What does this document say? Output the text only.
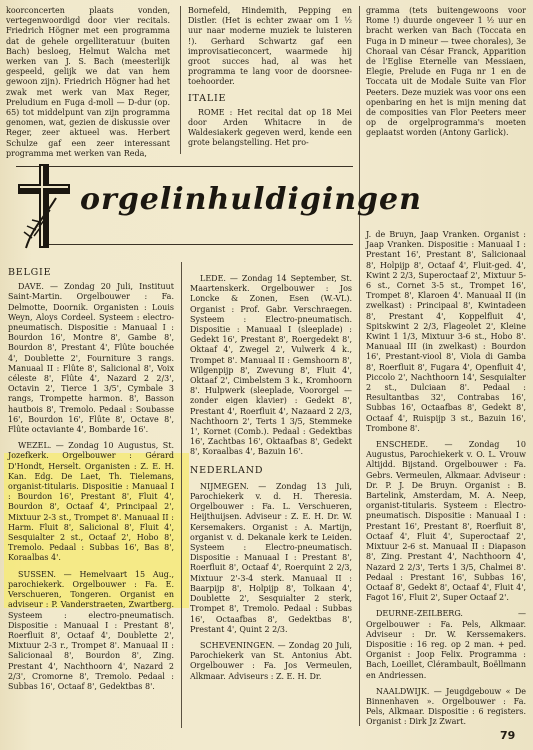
koorconcerten plaats vonden, vertegenwoordigd door vier recitals. Friedrich Högner met een programma dat de gehele orgelliteratuur (buiten Bach) besloeg, Helmut Walcha met werken van J. S. Bach (meesterlijk gespeeld, gelijk we dat van hem gewoon zijn). Friedrich Högner had het zwak met werk van Max Reger, Preludium en Fuga d-moll — D-dur (op. 65) tot middelpunt van zijn programma genomen, wat, gezien de diskussie over Reger, zeer aktueel was. Herbert Schulze gaf een zeer interessant programma met werken van Reda,

Bornefeld, Hindemith, Pepping en Distler. (Het is echter zwaar om 1 ½ uur naar moderne muziek te luisteren !). Gerhard Schwartz gaf een improvisatieconcert, waarmede hij groot succes had, al was het programma te lang voor de doorsnee-toehoorder.

ITALIE

ROME : Het recital dat op 18 Mei door Arden Whitacre in de Waldesiakerk gegeven werd, kende een grote belangstelling. Het pro-

gramma (tets buitengewoons voor Rome !) duurde ongeveer 1 ½ uur en bracht werken van Bach (Toccata en Fuga in D mineur — twee chorales), 3e Choraal van César Franck, Apparition de l'Eglise Eternelle van Messiaen, Elegie, Prelude en Fuga nr 1 en de Toccata uit de Modale Suite van Flor Peeters. Deze muziek was voor ons een openbaring en het is mijn mening dat de composities van Flor Peeters meer op de orgelprogramma's moeten geplaatst worden (Antony Garlick).

orgelinhuldigingen
BELGIE

DAVE. — Zondag 20 Juli, Instituut Saint-Martin. Orgelbouwer : Fa. Delmotte, Doornik. Organisten : Louis Weyn, Aloys Cordeel. Systeem : electro-pneumatisch. Dispositie : Manuaal I : Bourdon 16', Montre 8', Gambe 8', Bourdon 8', Prestant 4', Flûte bouchée 4', Doublette 2', Fourniture 3 rangs. Manuaal II : Flûte 8', Salicional 8', Voix céleste 8', Flûte 4', Nazard 2 2/3', Octavin 2', Tierce 1 3/5', Cymbale 3 rangs, Trompette harmon. 8', Basson hautbois 8', Tremolo. Pedaal : Soubasse 16', Bourdon 16', Flûte 8', Octave 8', Flûte octaviante 4', Bombarde 16'.

WEZEL. — Zondag 10 Augustus, St. Jozefkerk. Orgelbouwer : Gérard D'Hondt, Herselt. Organisten : Z. E. H. Kan. Edg. De Laet, Th. Tielemans, organist-titularis. Dispositie : Manuaal I : Bourdon 16', Prestant 8', Fluit 4', Bourdon 8', Octaaf 4', Principaal 2', Mixtuur 2-3 st., Trompet 8'. Manuaal II : Harm. Fluit 8', Salicional 8', Fluit 4', Sesquialter 2 st., Octaaf 2', Hobo 8', Tremolo. Pedaal : Subbas 16', Bas 8', Koraalbas 4'.

SUSSEN. — Hemelvaart 15 Aug., parochiekerk. Orgelbouwer : Fa. E. Verschueren, Tongeren. Organist en adviseur : P. Vanderstraeten, Zwartberg. Systeem : electro-pneumatisch. Dispositie : Manuaal I : Prestant 8', Roerfluit 8', Octaaf 4', Doublette 2', Mixtuur 2-3 r., Trompet 8'. Manuaal II : Salicionaal 8', Bourdon 8', Zing. Prestant 4', Nachthoorn 4', Nazard 2 2/3', Cromorne 8', Tremolo. Pedaal : Subbas 16', Octaaf 8', Gedektbas 8'.

LEDE. — Zondag 14 September, St. Maartenskerk. Orgelbouwer : Jos Loncke & Zonen, Esen (W.-VL). Organist : Prof. Gabr. Verschraegen. Systeem : Electro-pneumatisch. Dispositie : Manuaal I (sleeplade) : Gedekt 16', Prestant 8', Roergedekt 8', Oktaaf 4', Zwegel 2', Vulwerk 4 k., Trompet 8'. Manuaal II : Gemshoorn 8', Wilgenpijp 8', Zwevung 8', Fluit 4', Oktaaf 2', Cimbelstem 3 k., Kromhoorn 8'. Hulpwerk (sleeplade, Voororgel — zonder eigen klavier) : Gedekt 8', Prestant 4', Roerfluit 4', Nazaard 2 2/3, Nachthoorn 2', Terts 1 3/5, Stemmeke 1', Kornet (Comb.). Pedaal : Gedektbas 16', Zachtbas 16', Oktaafbas 8', Gedekt 8', Koraalbas 4', Bazuin 16'.

NEDERLAND

NIJMEGEN. — Zondag 13 Juli, Parochiekerk v. d. H. Theresia. Orgelbouwer : Fa. L. Verschueren, Heijthuijsen. Adviseur : Z. E. H. Dr. W. Kersemakers. Organist : A. Martijn, organist v. d. Dekanale kerk te Leiden. Systeem : Electro-pneumatisch. Dispositie : Manuaal I : Prestant 8', Roerfluit 8', Octaaf 4', Roerquint 2 2/3, Mixtuur 2'-3-4 sterk. Manuaal II : Baarpijp 8', Holpijp 8', Tolkaan 4', Doublette 2', Sesquialter 2 sterk, Trompet 8', Tremolo. Pedaal : Subbas 16', Octaafbas 8', Gedektbas 8', Prestant 4', Quint 2 2/3.

SCHEVENINGEN. — Zondag 20 Juli, Parochiekerk van St. Antonius Abt. Orgelbouwer : Fa. Jos Vermeulen, Alkmaar. Adviseurs : Z. E. H. Dr.

J. de Bruyn, Jaap Vranken. Organist : Jaap Vranken. Dispositie : Manuaal I : Prestant 16', Prestant 8', Salicionaal 8', Holpijp 8', Octaaf 4', Fluit-ged. 4', Kwint 2 2/3, Superoctaaf 2', Mixtuur 5-6 st., Cornet 3-5 st., Trompet 16', Trompet 8', Klaroen 4'. Manuaal II (in zwelkast) : Principaal 8', Kwintadeen 8', Prestant 4', Koppelfluit 4', Spitskwint 2 2/3, Flageolet 2', Kleine Kwint 1 1/3, Mixtuur 3-6 st., Hobo 8'. Manuaal III (in zwelkast) : Bourdon 16', Prestant-viool 8', Viola di Gamba 8', Roerfluit 8', Fugara 4', Openfluit 4', Piccolo 2', Nachthoorn 14', Sesquialter 2 st., Dulciaan 8'. Pedaal : Resultantbas 32', Contrabas 16', Subbas 16', Octaafbas 8', Gedekt 8', Octaaf 4', Ruispijp 3 st., Bazuin 16', Trombone 8'.

ENSCHEDE. — Zondag 10 Augustus, Parochiekerk v. O. L. Vrouw Altijdd. Bijstand. Orgelbouwer : Fa. Gebrs. Vermeulen, Alkmaar. Adviseur : Dr. P. J. De Bruyn. Organist : B. Bartelink, Amsterdam, M. A. Neep, organist-titularis. Systeem : Electro-pneumatisch. Dispositie : Manuaal I : Prestant 16', Prestant 8', Roerfluit 8', Octaaf 4', Fluit 4', Superoctaaf 2', Mixtuur 2-6 st. Manuaal II : Diapason 8', Zing. Prestant 4', Nachthoorn 4', Nazard 2 2/3', Terts 1 3/5, Chalmei 8'. Pedaal : Prestant 16', Subbas 16', Octaaf 8', Gedekt 8', Octaaf 4', Fluit 4', Fagot 16', Fluit 2', Super Octaaf 2'.

DEURNE-ZEILBERG. — Orgelbouwer : Fa. Pels, Alkmaar. Adviseur : Dr. W. Kerssemakers. Dispositie : 16 reg. op 2 man. + ped. Organist : Joop Felix. Programma : Bach, Loeillet, Clérambault, Boëllmann en Andriessen.

NAALDWIJK. — Jeugdgebouw « De Binnenhaven ». Orgelbouwer : Fa. Pels, Alkmaar. Dispositie : 6 registers. Organist : Dirk Jz Zwart.

79
